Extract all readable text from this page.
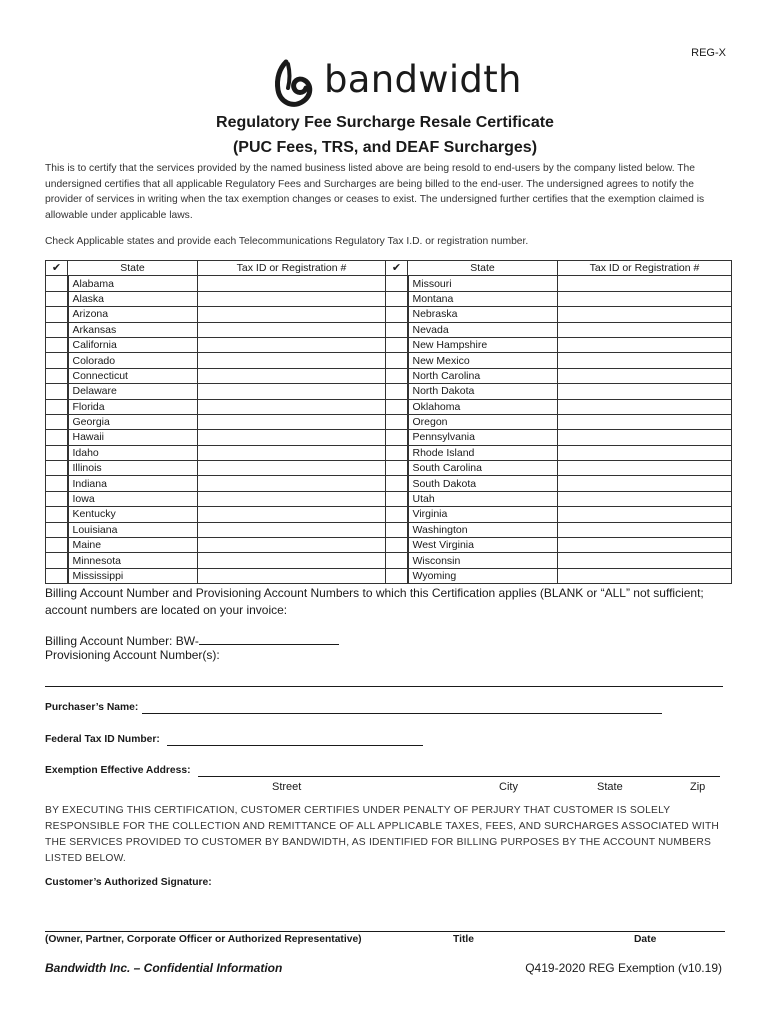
REG-X
bandwidth
Regulatory Fee Surcharge Resale Certificate
(PUC Fees, TRS, and DEAF Surcharges)
This is to certify that the services provided by the named business listed above are being resold to end-users by the company listed below. The undersigned certifies that all applicable Regulatory Fees and Surcharges are being billed to the end-user. The undersigned agrees to notify the provider of services in writing when the tax exemption changes or ceases to exist. The undersigned further certifies that the exemption claimed is allowable under applicable laws.
Check Applicable states and provide each Telecommunications Regulatory Tax I.D. or registration number.
✔	State	Tax ID or Registration #	✔	State	Tax ID or Registration #
	Alabama			Missouri	
	Alaska			Montana	
	Arizona			Nebraska	
	Arkansas			Nevada	
	California			New Hampshire	
	Colorado			New Mexico	
	Connecticut			North Carolina	
	Delaware			North Dakota	
	Florida			Oklahoma	
	Georgia			Oregon	
	Hawaii			Pennsylvania	
	Idaho			Rhode Island	
	Illinois			South Carolina	
	Indiana			South Dakota	
	Iowa			Utah	
	Kentucky			Virginia	
	Louisiana			Washington	
	Maine			West Virginia	
	Minnesota			Wisconsin	
	Mississippi			Wyoming	
Billing Account Number and Provisioning Account Numbers to which this Certification applies (BLANK or “ALL” not sufficient; account numbers are located on your invoice:
Billing Account Number: BW-
Provisioning Account Number(s):
Purchaser’s Name:
Federal Tax ID Number:
Exemption Effective Address:
Street	City	State	Zip
BY EXECUTING THIS CERTIFICATION, CUSTOMER CERTIFIES UNDER PENALTY OF PERJURY THAT CUSTOMER IS SOLELY RESPONSIBLE FOR THE COLLECTION AND REMITTANCE OF ALL APPLICABLE TAXES, FEES, AND SURCHARGES ASSOCIATED WITH THE SERVICES PROVIDED TO CUSTOMER BY BANDWIDTH, AS IDENTIFIED FOR BILLING PURPOSES BY THE ACCOUNT NUMBERS LISTED BELOW.
Customer’s Authorized Signature:
(Owner, Partner, Corporate Officer or Authorized Representative)	Title	Date
Bandwidth Inc. – Confidential Information	Q419-2020 REG Exemption (v10.19)
